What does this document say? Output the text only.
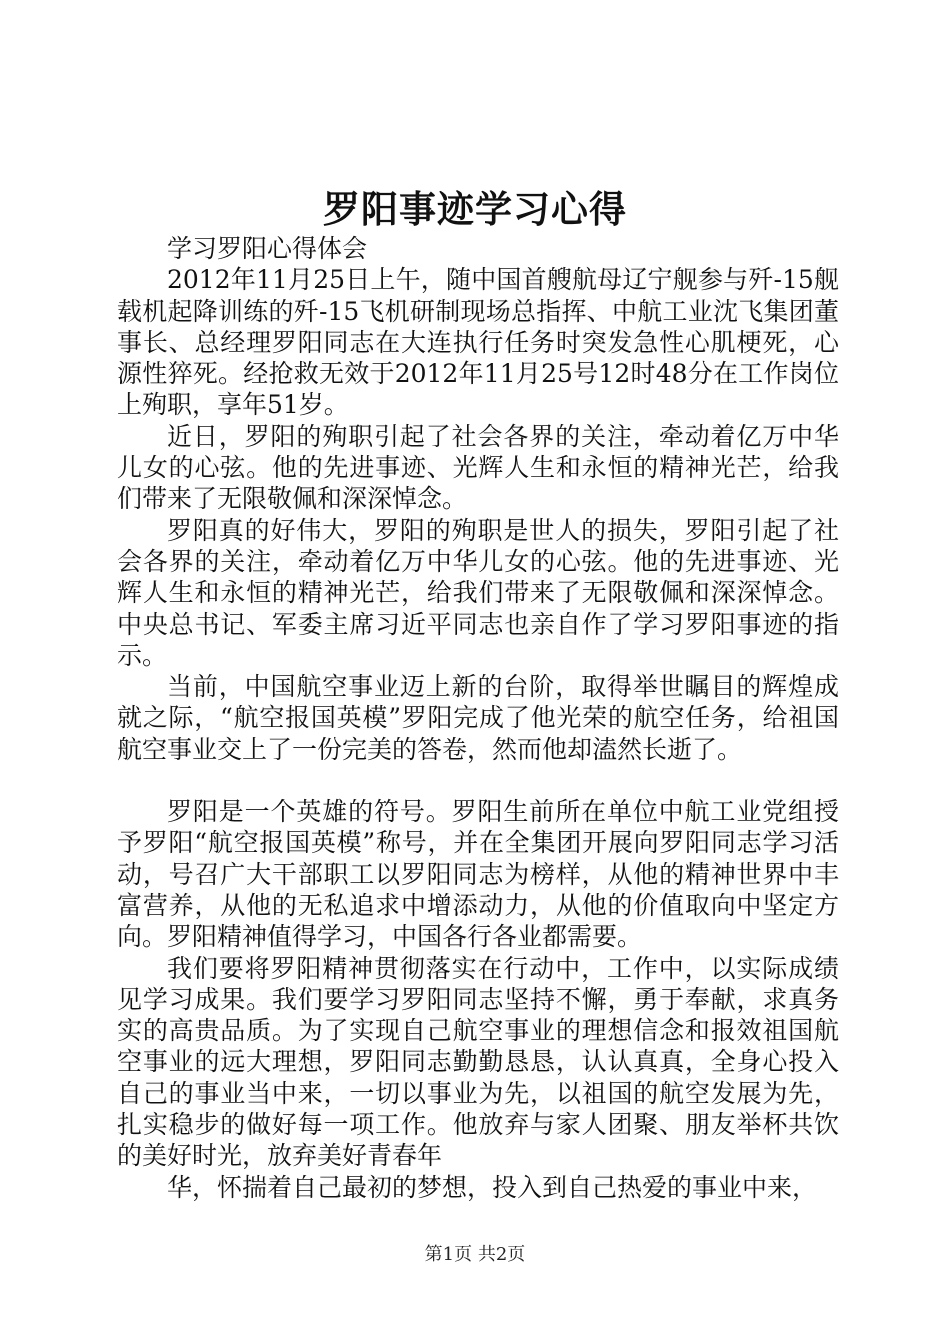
罗阳事迹学习心得

学习罗阳心得体会

2012年11月25日上午，随中国首艘航母辽宁舰参与歼-15舰载机起降训练的歼-15飞机研制现场总指挥、中航工业沈飞集团董事长、总经理罗阳同志在大连执行任务时突发急性心肌梗死，心源性猝死。经抢救无效于2012年11月25号12时48分在工作岗位上殉职，享年51岁。

近日，罗阳的殉职引起了社会各界的关注，牵动着亿万中华儿女的心弦。他的先进事迹、光辉人生和永恒的精神光芒，给我们带来了无限敬佩和深深悼念。

罗阳真的好伟大，罗阳的殉职是世人的损失，罗阳引起了社会各界的关注，牵动着亿万中华儿女的心弦。他的先进事迹、光辉人生和永恒的精神光芒，给我们带来了无限敬佩和深深悼念。中央总书记、军委主席习近平同志也亲自作了学习罗阳事迹的指示。

当前，中国航空事业迈上新的台阶，取得举世瞩目的辉煌成就之际，“航空报国英模”罗阳完成了他光荣的航空任务，给祖国航空事业交上了一份完美的答卷，然而他却溘然长逝了。

罗阳是一个英雄的符号。罗阳生前所在单位中航工业党组授予罗阳“航空报国英模”称号，并在全集团开展向罗阳同志学习活动，号召广大干部职工以罗阳同志为榜样，从他的精神世界中丰富营养，从他的无私追求中增添动力，从他的价值取向中坚定方向。罗阳精神值得学习，中国各行各业都需要。

我们要将罗阳精神贯彻落实在行动中，工作中，以实际成绩见学习成果。我们要学习罗阳同志坚持不懈，勇于奉献，求真务实的高贵品质。为了实现自己航空事业的理想信念和报效祖国航空事业的远大理想，罗阳同志勤勤恳恳，认认真真，全身心投入自己的事业当中来，一切以事业为先，以祖国的航空发展为先，扎实稳步的做好每一项工作。他放弃与家人团聚、朋友举杯共饮的美好时光，放弃美好青春年

华，怀揣着自己最初的梦想，投入到自己热爱的事业中来，

第1页 共2页
